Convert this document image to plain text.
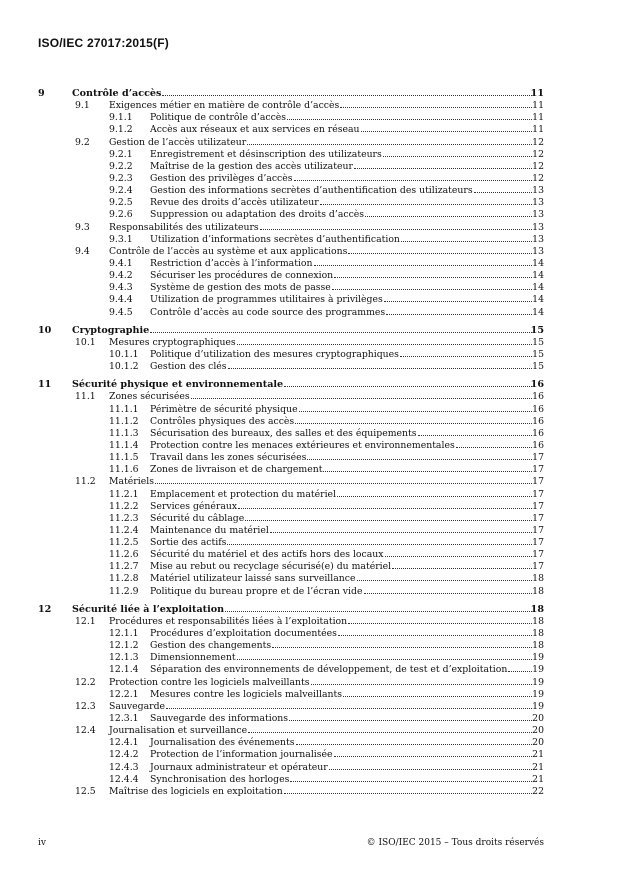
ISO/IEC 27017:2015(F)
9	Contrôle d’accès	11
9.1 Exigences métier en matière de contrôle d’accès	11
9.1.1 Politique de contrôle d’accès	11
9.1.2 Accès aux réseaux et aux services en réseau	11
9.2 Gestion de l’accès utilizateur	12
9.2.1 Enregistrement et désinscription des utilizateurs	12
9.2.2 Maîtrise de la gestion des accès utilizateur	12
9.2.3 Gestion des privilèges d’accès	12
9.2.4 Gestion des informations secrètes d’authentification des utilizateurs	13
9.2.5 Revue des droits d’accès utilizateur	13
9.2.6 Suppression ou adaptation des droits d’accès	13
9.3 Responsabilités des utilizateurs	13
9.3.1 Utilization d’informations secrètes d’authentification	13
9.4 Contrôle de l’accès au système et aux applications	13
9.4.1 Restriction d’accès à l’information	14
9.4.2 Sécuriser les procédures de connexion	14
9.4.3 Système de gestion des mots de passe	14
9.4.4 Utilization de programmes utilitaires à privilèges	14
9.4.5 Contrôle d’accès au code source des programmes	14
10 Cryptographie	15
10.1 Mesures cryptographiques	15
10.1.1 Politique d’utilization des mesures cryptographiques	15
10.1.2 Gestion des clés	15
11 Sécurité physique et environnementale	16
11.1 Zones sécurisées	16
11.1.1 Périmètre de sécurité physique	16
11.1.2 Contrôles physiques des accès	16
11.1.3 Sécurisation des bureaux, des salles et des équipements	16
11.1.4 Protection contre les menaces extérieures et environnementales	16
11.1.5 Travail dans les zones sécurisées	17
11.1.6 Zones de livraison et de chargement	17
11.2 Matériels	17
11.2.1 Emplacement et protection du matériel	17
11.2.2 Services généraux	17
11.2.3 Sécurité du câblage	17
11.2.4 Maintenance du matériel	17
11.2.5 Sortie des actifs	17
11.2.6 Sécurité du matériel et des actifs hors des locaux	17
11.2.7 Mise au rebut ou recyclage sécurisé(e) du matériel	17
11.2.8 Matériel utilizateur laissé sans surveillance	18
11.2.9 Politique du bureau propre et de l’écran vide	18
12 Sécurité liée à l’exploitation	18
12.1 Procédures et responsabilités liées à l’exploitation	18
12.1.1 Procédures d’exploitation documentées	18
12.1.2 Gestion des changements	18
12.1.3 Dimensionnement	19
12.1.4 Séparation des environnements de développement, de test et d’exploitation	19
12.2 Protection contre les logiciels malveillants	19
12.2.1 Mesures contre les logiciels malveillants	19
12.3 Sauvegarde	19
12.3.1 Sauvegarde des informations	20
12.4 Journalisation et surveillance	20
12.4.1 Journalisation des événements	20
12.4.2 Protection de l’information journalisée	21
12.4.3 Journaux administrateur et opérateur	21
12.4.4 Synchronisation des horloges	21
12.5 Maîtrise des logiciels en exploitation	22
iv	© ISO/IEC 2015 – Tous droits réservés
